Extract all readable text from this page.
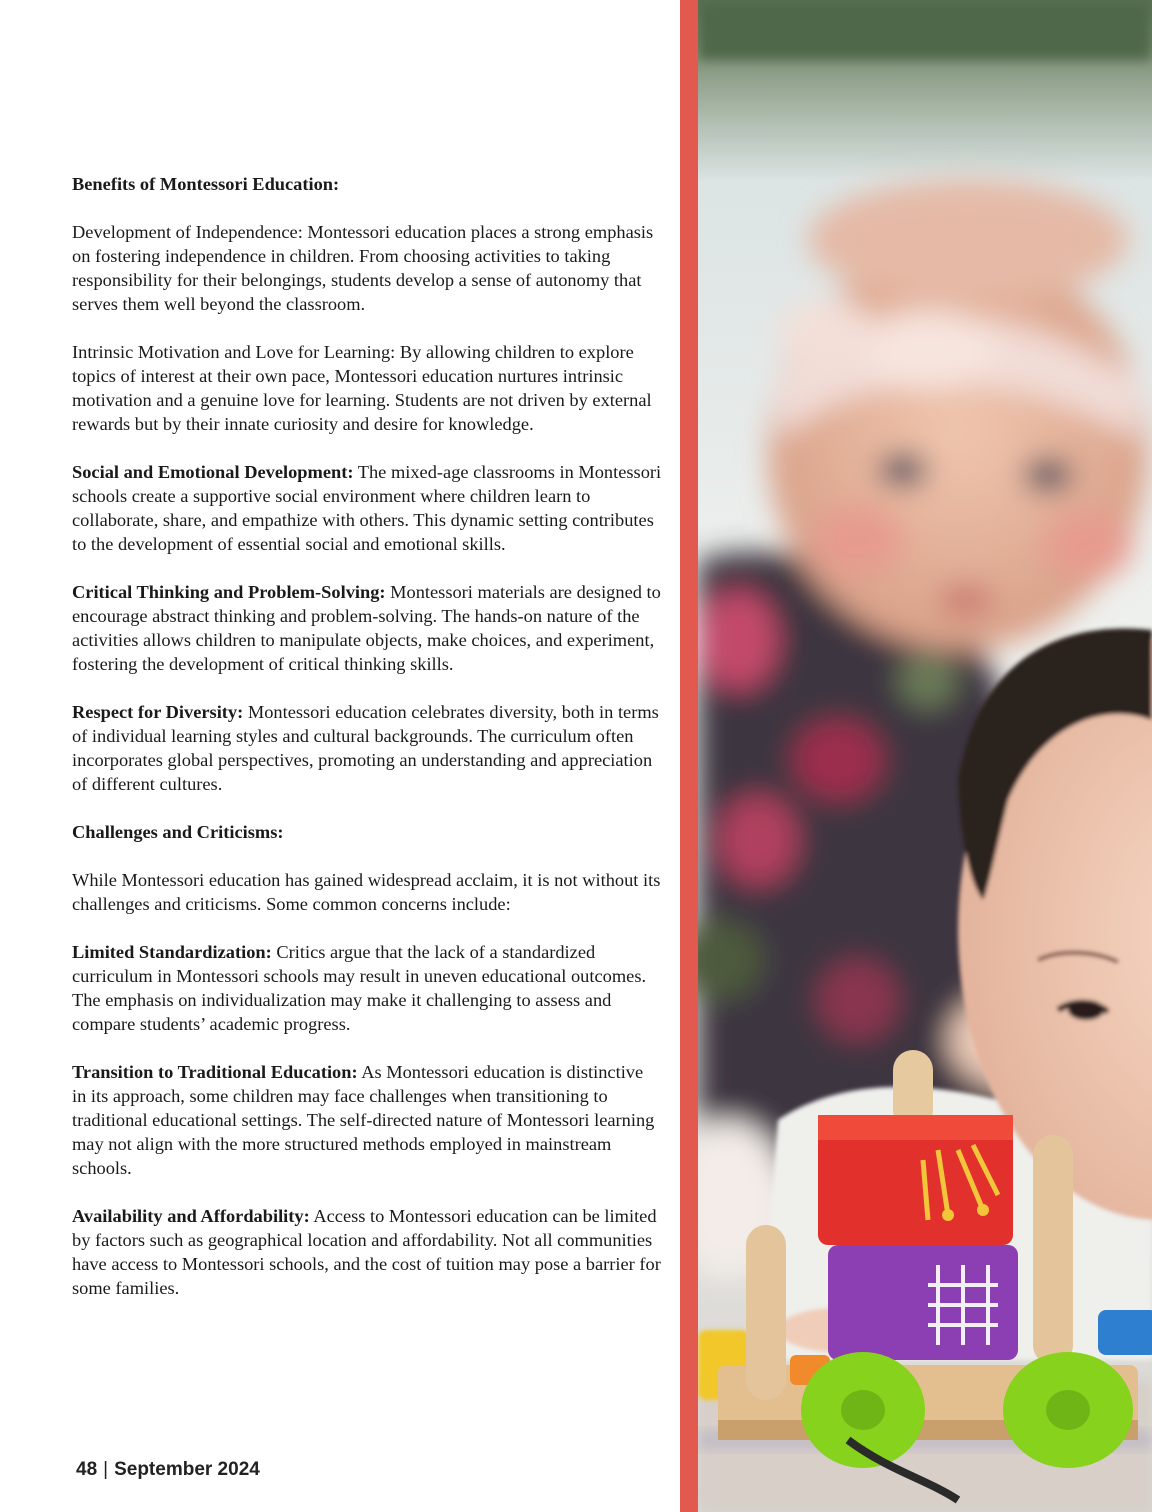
Benefits of Montessori Education:

Development of Independence: Montessori education places a strong emphasis on fostering independence in children. From choosing activities to taking responsibility for their belongings, students develop a sense of autonomy that serves them well beyond the classroom.

Intrinsic Motivation and Love for Learning: By allowing children to explore topics of interest at their own pace, Montessori education nurtures intrinsic motivation and a genuine love for learning. Students are not driven by external rewards but by their innate curiosity and desire for knowledge.

Social and Emotional Development: The mixed-age classrooms in Montessori schools create a supportive social environment where children learn to collaborate, share, and empathize with others. This dynamic setting contributes to the development of essential social and emotional skills.

Critical Thinking and Problem-Solving: Montessori materials are designed to encourage abstract thinking and problem-solving. The hands-on nature of the activities allows children to manipulate objects, make choices, and experiment, fostering the development of critical thinking skills.

Respect for Diversity: Montessori education celebrates diversity, both in terms of individual learning styles and cultural backgrounds. The curriculum often incorporates global perspectives, promoting an understanding and appreciation of different cultures.

Challenges and Criticisms:

While Montessori education has gained widespread acclaim, it is not without its challenges and criticisms. Some common concerns include:

Limited Standardization: Critics argue that the lack of a standardized curriculum in Montessori schools may result in uneven educational outcomes. The emphasis on individualization may make it challenging to assess and compare students’ academic progress.

Transition to Traditional Education: As Montessori education is distinctive in its approach, some children may face challenges when transitioning to traditional educational settings. The self-directed nature of Montessori learning may not align with the more structured methods employed in mainstream schools.

Availability and Affordability: Access to Montessori education can be limited by factors such as geographical location and affordability. Not all communities have access to Montessori schools, and the cost of tuition may pose a barrier for some families.

48 | September 2024
